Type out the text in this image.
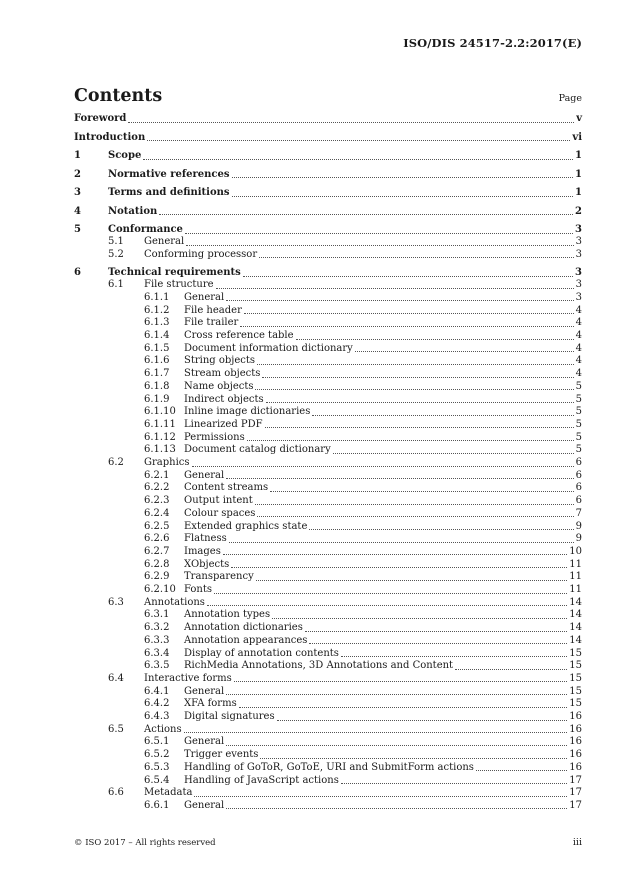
ISO/DIS 24517-2.2:2017(E)
Contents	Page
Foreword	v
Introduction	vi
1	Scope	1
2	Normative references	1
3	Terms and definitions	1
4	Notation	2
5	Conformance	3
5.1 General	3
5.2 Conforming processor	3
6	Technical requirements	3
6.1 File structure	3
6.1.1 General	3
6.1.2 File header	4
6.1.3 File trailer	4
6.1.4 Cross reference table	4
6.1.5 Document information dictionary	4
6.1.6 String objects	4
6.1.7 Stream objects	4
6.1.8 Name objects	5
6.1.9 Indirect objects	5
6.1.10 Inline image dictionaries	5
6.1.11 Linearized PDF	5
6.1.12 Permissions	5
6.1.13 Document catalog dictionary	5
6.2 Graphics	6
6.2.1 General	6
6.2.2 Content streams	6
6.2.3 Output intent	6
6.2.4 Colour spaces	7
6.2.5 Extended graphics state	9
6.2.6 Flatness	9
6.2.7 Images	10
6.2.8 XObjects	11
6.2.9 Transparency	11
6.2.10 Fonts	11
6.3 Annotations	14
6.3.1 Annotation types	14
6.3.2 Annotation dictionaries	14
6.3.3 Annotation appearances	14
6.3.4 Display of annotation contents	15
6.3.5 RichMedia Annotations, 3D Annotations and Content	15
6.4 Interactive forms	15
6.4.1 General	15
6.4.2 XFA forms	15
6.4.3 Digital signatures	16
6.5 Actions	16
6.5.1 General	16
6.5.2 Trigger events	16
6.5.3 Handling of GoToR, GoToE, URI and SubmitForm actions	16
6.5.4 Handling of JavaScript actions	17
6.6 Metadata	17
6.6.1 General	17
© ISO 2017 – All rights reserved	iii
